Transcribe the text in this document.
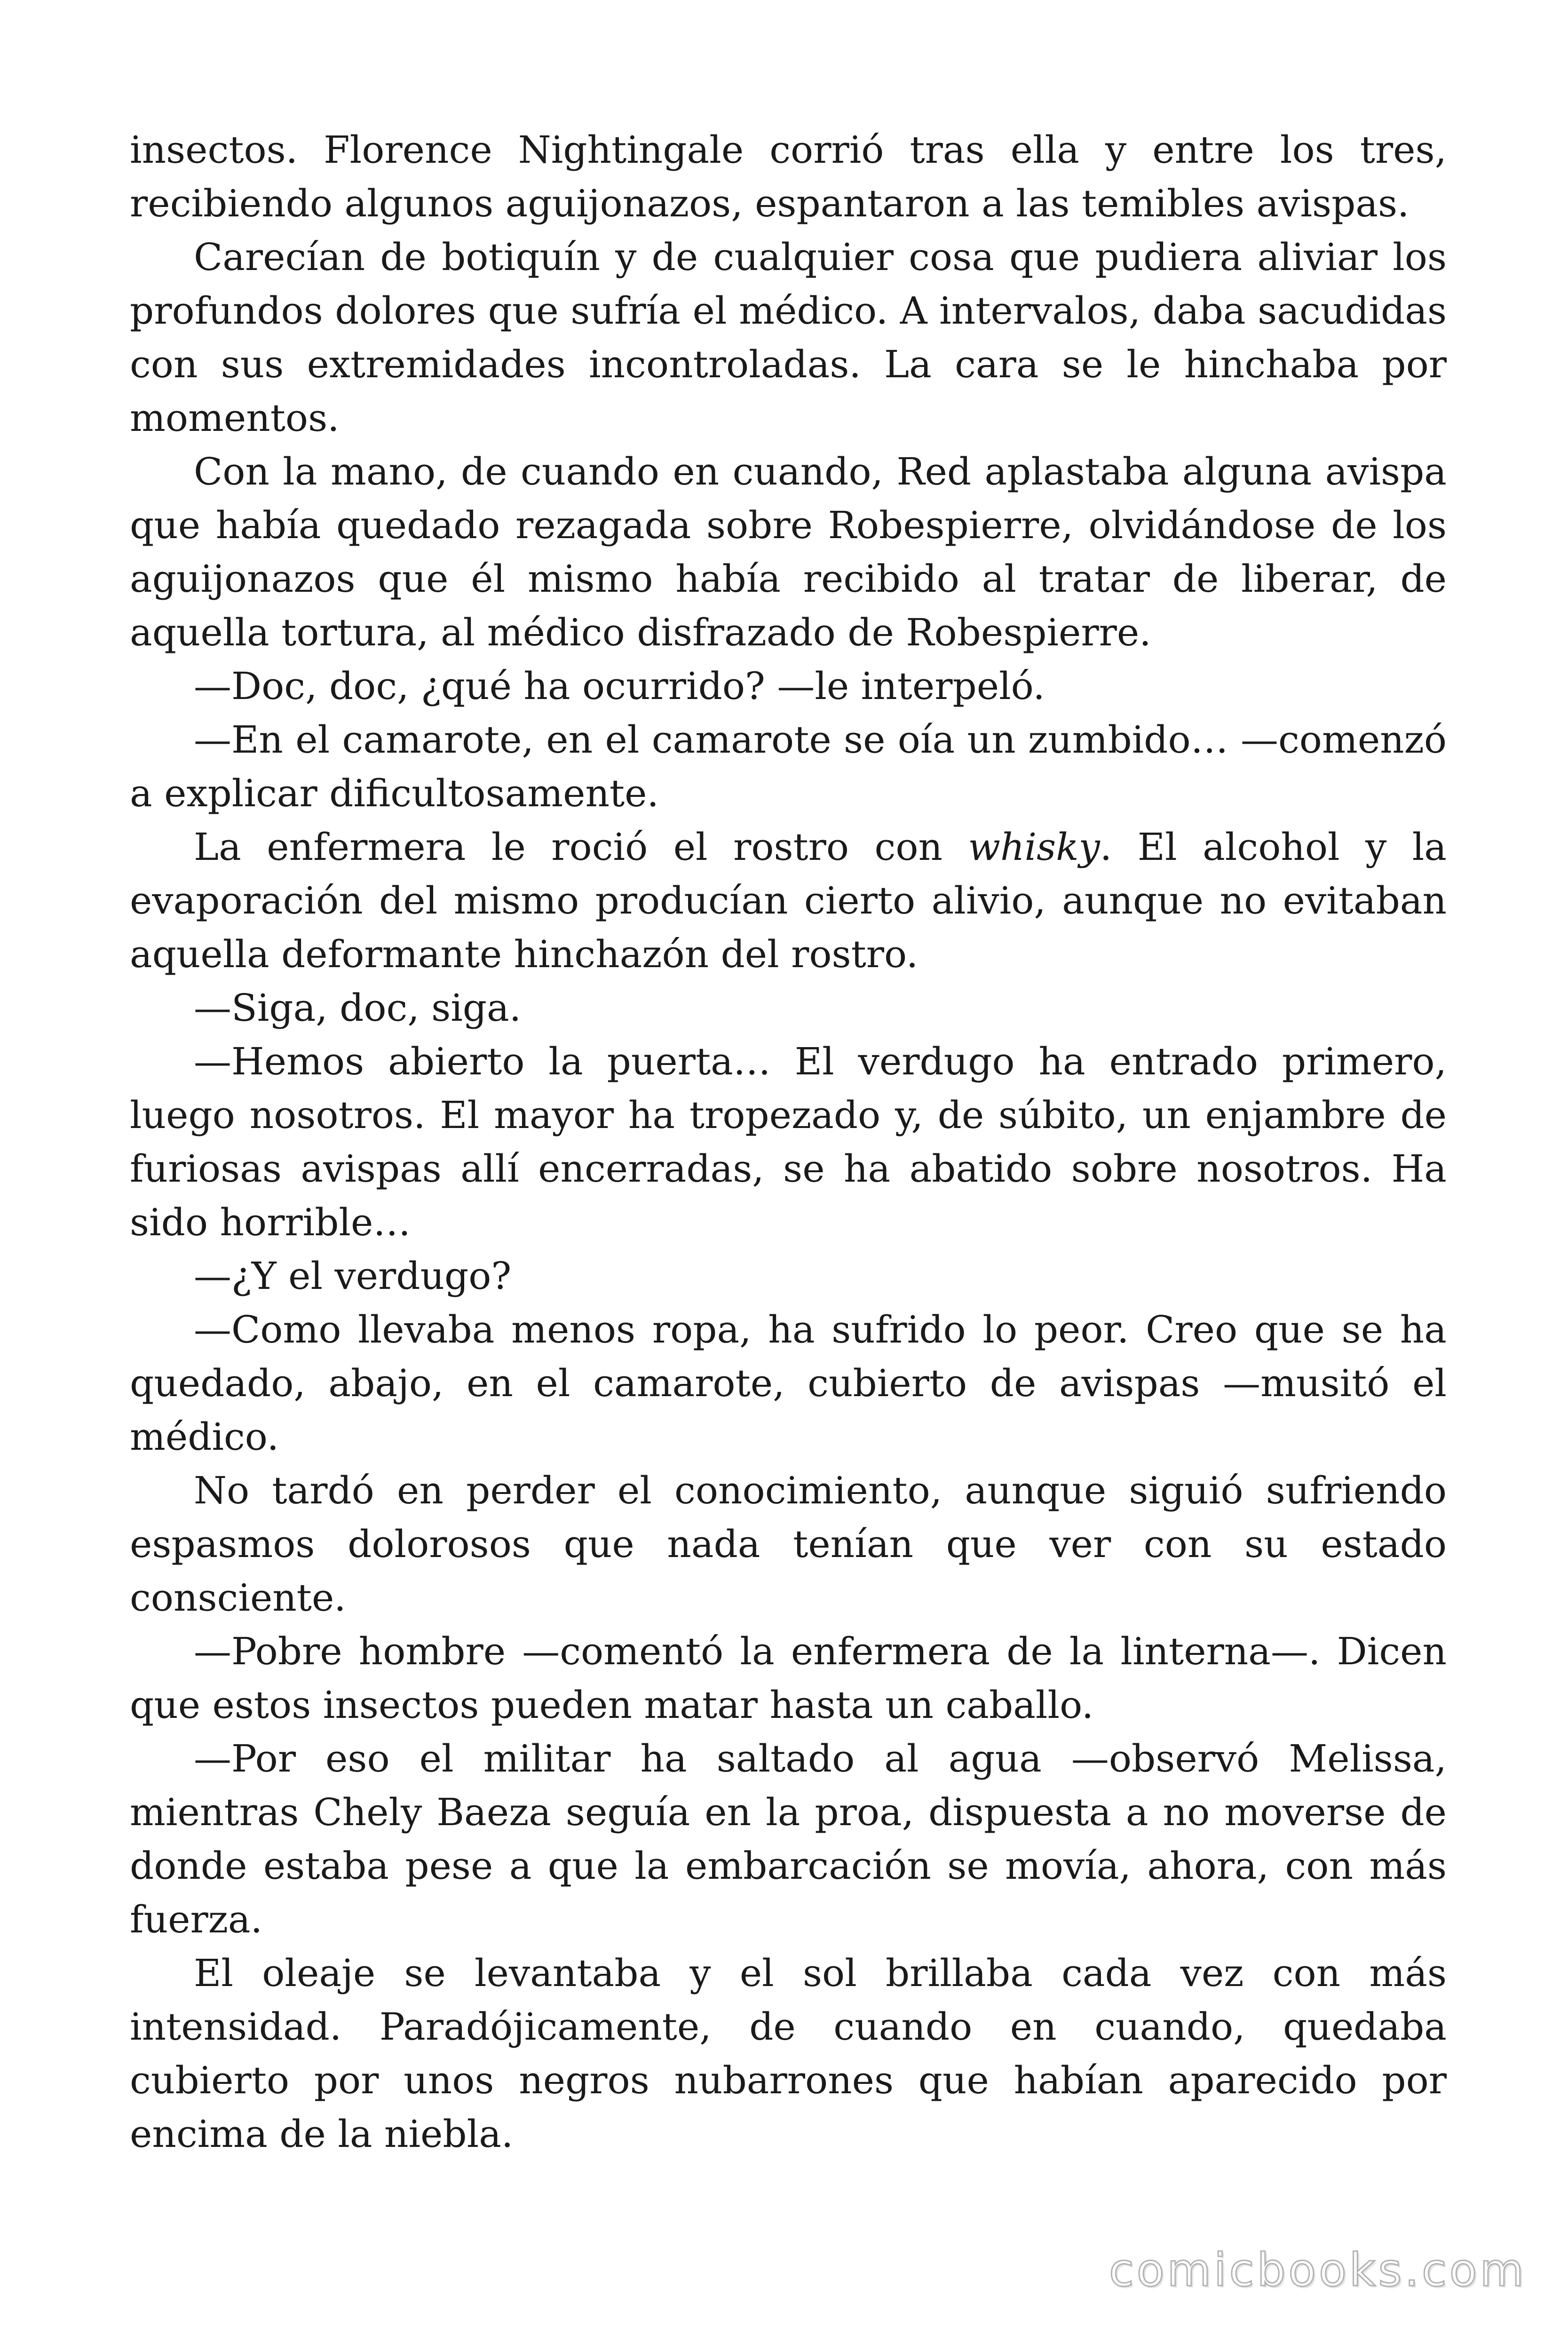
insectos. Florence Nightingale corrió tras ella y entre los tres, recibiendo algunos aguijonazos, espantaron a las temibles avispas.

Carecían de botiquín y de cualquier cosa que pudiera aliviar los profundos dolores que sufría el médico. A intervalos, daba sacudidas con sus extremidades incontroladas. La cara se le hinchaba por momentos.

Con la mano, de cuando en cuando, Red aplastaba alguna avispa que había quedado rezagada sobre Robespierre, olvidándose de los aguijonazos que él mismo había recibido al tratar de liberar, de aquella tortura, al médico disfrazado de Robespierre.

—Doc, doc, ¿qué ha ocurrido? —le interpeló.

—En el camarote, en el camarote se oía un zumbido… —comenzó a explicar dificultosamente.

La enfermera le roció el rostro con whisky. El alcohol y la evaporación del mismo producían cierto alivio, aunque no evitaban aquella deformante hinchazón del rostro.

—Siga, doc, siga.

—Hemos abierto la puerta… El verdugo ha entrado primero, luego nosotros. El mayor ha tropezado y, de súbito, un enjambre de furiosas avispas allí encerradas, se ha abatido sobre nosotros. Ha sido horrible…

—¿Y el verdugo?

—Como llevaba menos ropa, ha sufrido lo peor. Creo que se ha quedado, abajo, en el camarote, cubierto de avispas —musitó el médico.

No tardó en perder el conocimiento, aunque siguió sufriendo espasmos dolorosos que nada tenían que ver con su estado consciente.

—Pobre hombre —comentó la enfermera de la linterna—. Dicen que estos insectos pueden matar hasta un caballo.

—Por eso el militar ha saltado al agua —observó Melissa, mientras Chely Baeza seguía en la proa, dispuesta a no moverse de donde estaba pese a que la embarcación se movía, ahora, con más fuerza.

El oleaje se levantaba y el sol brillaba cada vez con más intensidad. Paradójicamente, de cuando en cuando, quedaba cubierto por unos negros nubarrones que habían aparecido por encima de la niebla.

comicbooks.com
